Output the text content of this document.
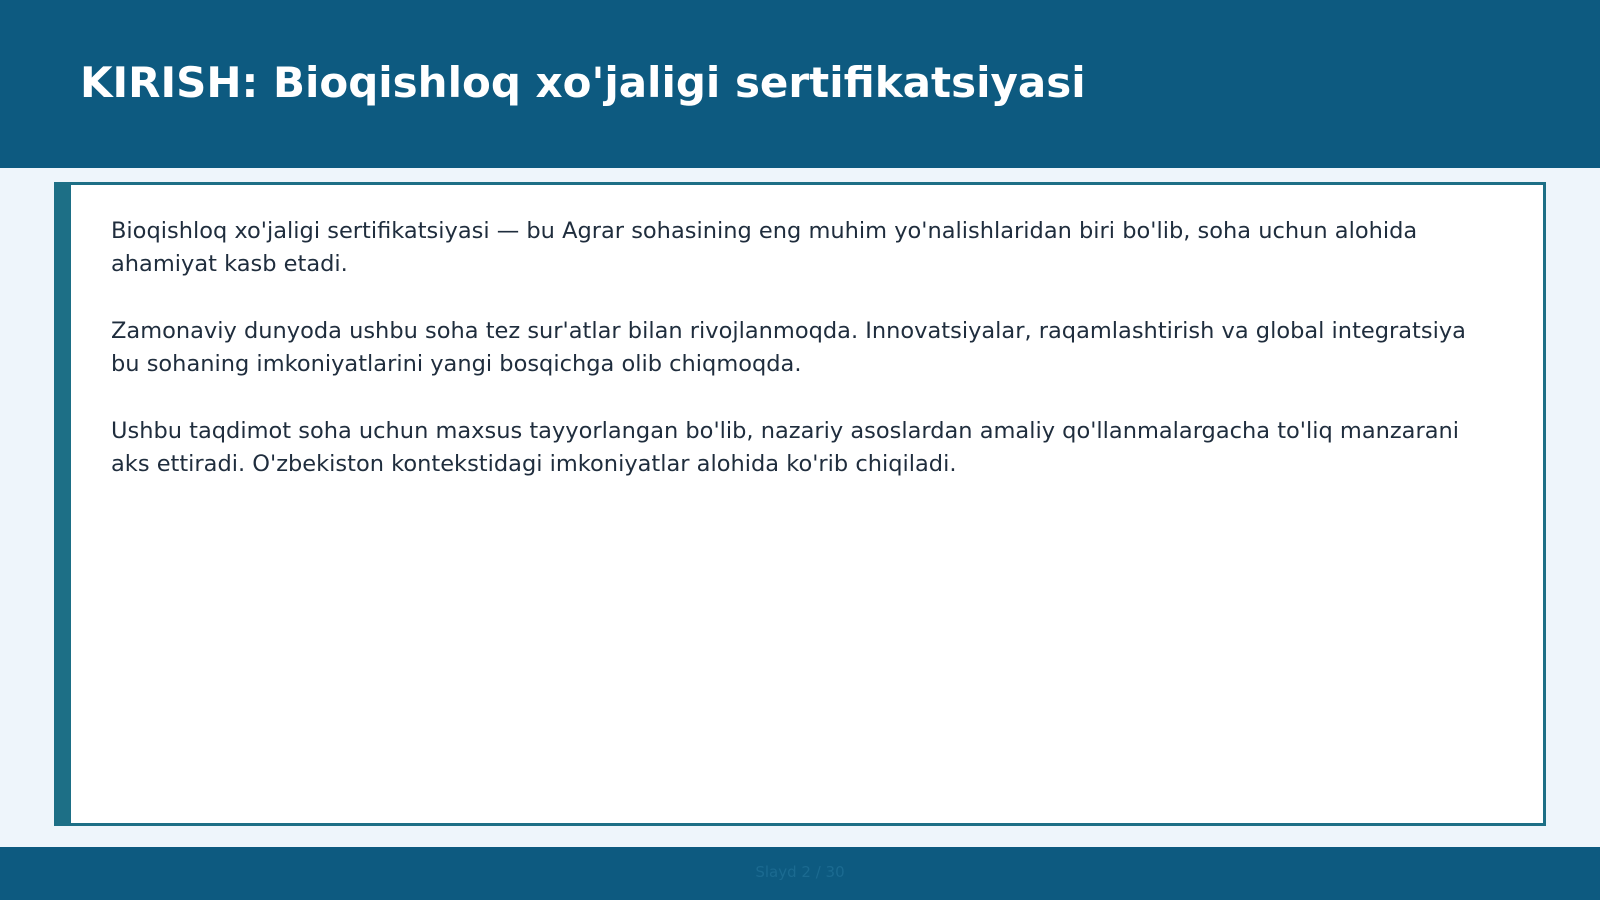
KIRISH: Bioqishloq xo'jaligi sertifikatsiyasi

Bioqishloq xo'jaligi sertifikatsiyasi — bu Agrar sohasining eng muhim yo'nalishlaridan biri bo'lib, soha uchun alohida ahamiyat kasb etadi.

Zamonaviy dunyoda ushbu soha tez sur'atlar bilan rivojlanmoqda. Innovatsiyalar, raqamlashtirish va global integratsiya bu sohaning imkoniyatlarini yangi bosqichga olib chiqmoqda.

Ushbu taqdimot soha uchun maxsus tayyorlangan bo'lib, nazariy asoslardan amaliy qo'llanmalargacha to'liq manzarani aks ettiradi. O'zbekiston kontekstidagi imkoniyatlar alohida ko'rib chiqiladi.

Slayd 2 / 30
